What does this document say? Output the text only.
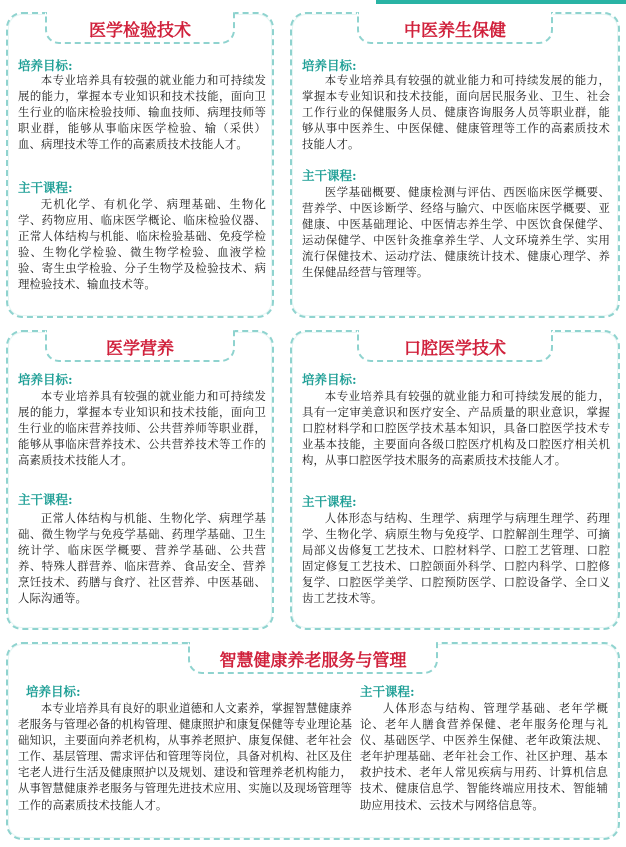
医学检验技术
培养目标:
本专业培养具有较强的就业能力和可持续发展的能力，掌握本专业知识和技术技能，面向卫生行业的临床检验技师、输血技师、病理技师等职业群，能够从事临床医学检验、输（采供）血、病理技术等工作的高素质技术技能人才。
主干课程:
无机化学、有机化学、病理基础、生物化学、药物应用、临床医学概论、临床检验仪器、正常人体结构与机能、临床检验基础、免疫学检验、生物化学检验、微生物学检验、血液学检验、寄生虫学检验、分子生物学及检验技术、病理检验技术、输血技术等。
中医养生保健
培养目标:
本专业培养具有较强的就业能力和可持续发展的能力，掌握本专业知识和技术技能，面向居民服务业、卫生、社会工作行业的保健服务人员、健康咨询服务人员等职业群，能够从事中医养生、中医保健、健康管理等工作的高素质技术技能人才。
主干课程:
医学基础概要、健康检测与评估、西医临床医学概要、营养学、中医诊断学、经络与腧穴、中医临床医学概要、亚健康、中医基础理论、中医情志养生学、中医饮食保健学、运动保健学、中医针灸推拿养生学、人文环境养生学、实用流行保健技术、运动疗法、健康统计技术、健康心理学、养生保健品经营与管理等。
医学营养
培养目标:
本专业培养具有较强的就业能力和可持续发展的能力，掌握本专业知识和技术技能，面向卫生行业的临床营养技师、公共营养师等职业群，能够从事临床营养技术、公共营养技术等工作的高素质技术技能人才。
主干课程:
正常人体结构与机能、生物化学、病理学基础、微生物学与免疫学基础、药理学基础、卫生统计学、临床医学概要、营养学基础、公共营养、特殊人群营养、临床营养、食品安全、营养烹饪技术、药膳与食疗、社区营养、中医基础、人际沟通等。
口腔医学技术
培养目标:
本专业培养具有较强的就业能力和可持续发展的能力，具有一定审美意识和医疗安全、产品质量的职业意识，掌握口腔材料学和口腔医学技术基本知识，具备口腔医学技术专业基本技能，主要面向各级口腔医疗机构及口腔医疗相关机构，从事口腔医学技术服务的高素质技术技能人才。
主干课程:
人体形态与结构、生理学、病理学与病理生理学、药理学、生物化学、病原生物与免疫学、口腔解剖生理学、可摘局部义齿修复工艺技术、口腔材料学、口腔工艺管理、口腔固定修复工艺技术、口腔颌面外科学、口腔内科学、口腔修复学、口腔医学美学、口腔预防医学、口腔设备学、全口义齿工艺技术等。
智慧健康养老服务与管理
培养目标:
本专业培养具有良好的职业道德和人文素养，掌握智慧健康养老服务与管理必备的机构管理、健康照护和康复保健等专业理论基础知识，主要面向养老机构，从事养老照护、康复保健、老年社会工作、基层管理、需求评估和管理等岗位，具备对机构、社区及住宅老人进行生活及健康照护以及规划、建设和管理养老机构能力，从事智慧健康养老服务与管理先进技术应用、实施以及现场管理等工作的高素质技术技能人才。
主干课程:
人体形态与结构、管理学基础、老年学概论、老年人膳食营养保健、老年服务伦理与礼仪、基础医学、中医养生保健、老年政策法规、老年护理基础、老年社会工作、社区护理、基本救护技术、老年人常见疾病与用药、计算机信息技术、健康信息学、智能终端应用技术、智能辅助应用技术、云技术与网络信息等。
